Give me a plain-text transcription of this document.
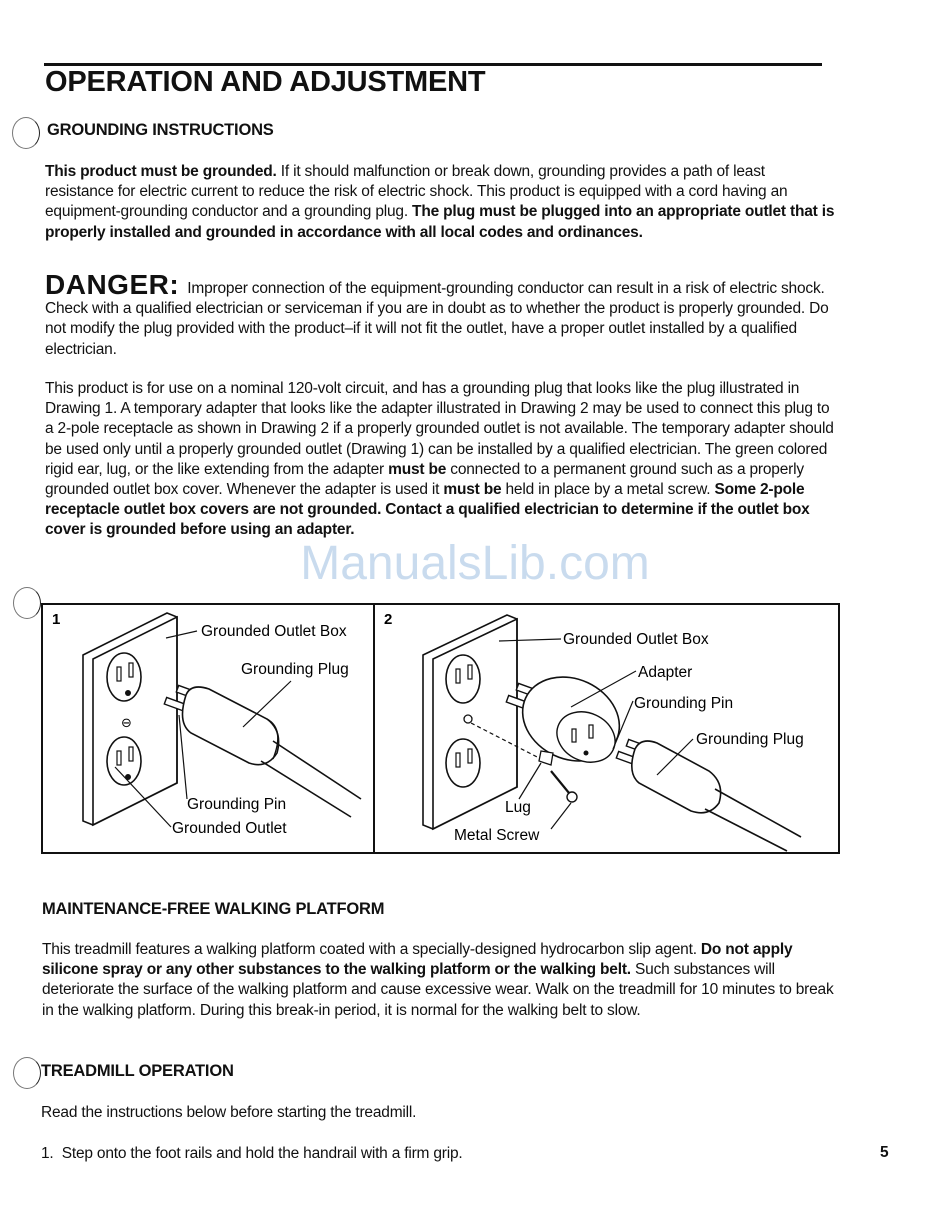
OPERATION AND ADJUSTMENT
GROUNDING INSTRUCTIONS

This product must be grounded. If it should malfunction or break down, grounding provides a path of least resistance for electric current to reduce the risk of electric shock. This product is equipped with a cord having an equipment-grounding conductor and a grounding plug. The plug must be plugged into an appropriate outlet that is properly installed and grounded in accordance with all local codes and ordinances.

DANGER: Improper connection of the equipment-grounding conductor can result in a risk of electric shock. Check with a qualified electrician or serviceman if you are in doubt as to whether the product is properly grounded. Do not modify the plug provided with the product–if it will not fit the outlet, have a proper outlet installed by a qualified electrician.

This product is for use on a nominal 120-volt circuit, and has a grounding plug that looks like the plug illustrated in Drawing 1. A temporary adapter that looks like the adapter illustrated in Drawing 2 may be used to connect this plug to a 2-pole receptacle as shown in Drawing 2 if a properly grounded outlet is not available. The temporary adapter should be used only until a properly grounded outlet (Drawing 1) can be installed by a qualified electrician. The green colored rigid ear, lug, or the like extending from the adapter must be connected to a permanent ground such as a properly grounded outlet box cover. Whenever the adapter is used it must be held in place by a metal screw. Some 2-pole receptacle outlet box covers are not grounded. Contact a qualified electrician to determine if the outlet box cover is grounded before using an adapter.

ManualsLib.com
1
⊖
Grounded Outlet Box
Grounding Plug
Grounding Pin
Grounded Outlet
2
Grounded Outlet Box
Adapter
Grounding Pin
Grounding Plug
Lug
Metal Screw
MAINTENANCE-FREE WALKING PLATFORM

This treadmill features a walking platform coated with a specially-designed hydrocarbon slip agent. Do not apply silicone spray or any other substances to the walking platform or the walking belt. Such substances will deteriorate the surface of the walking platform and cause excessive wear. Walk on the treadmill for 10 minutes to break in the walking platform. During this break-in period, it is normal for the walking belt to slow.

TREADMILL OPERATION

Read the instructions below before starting the treadmill.

1.  Step onto the foot rails and hold the handrail with a firm grip.	5
